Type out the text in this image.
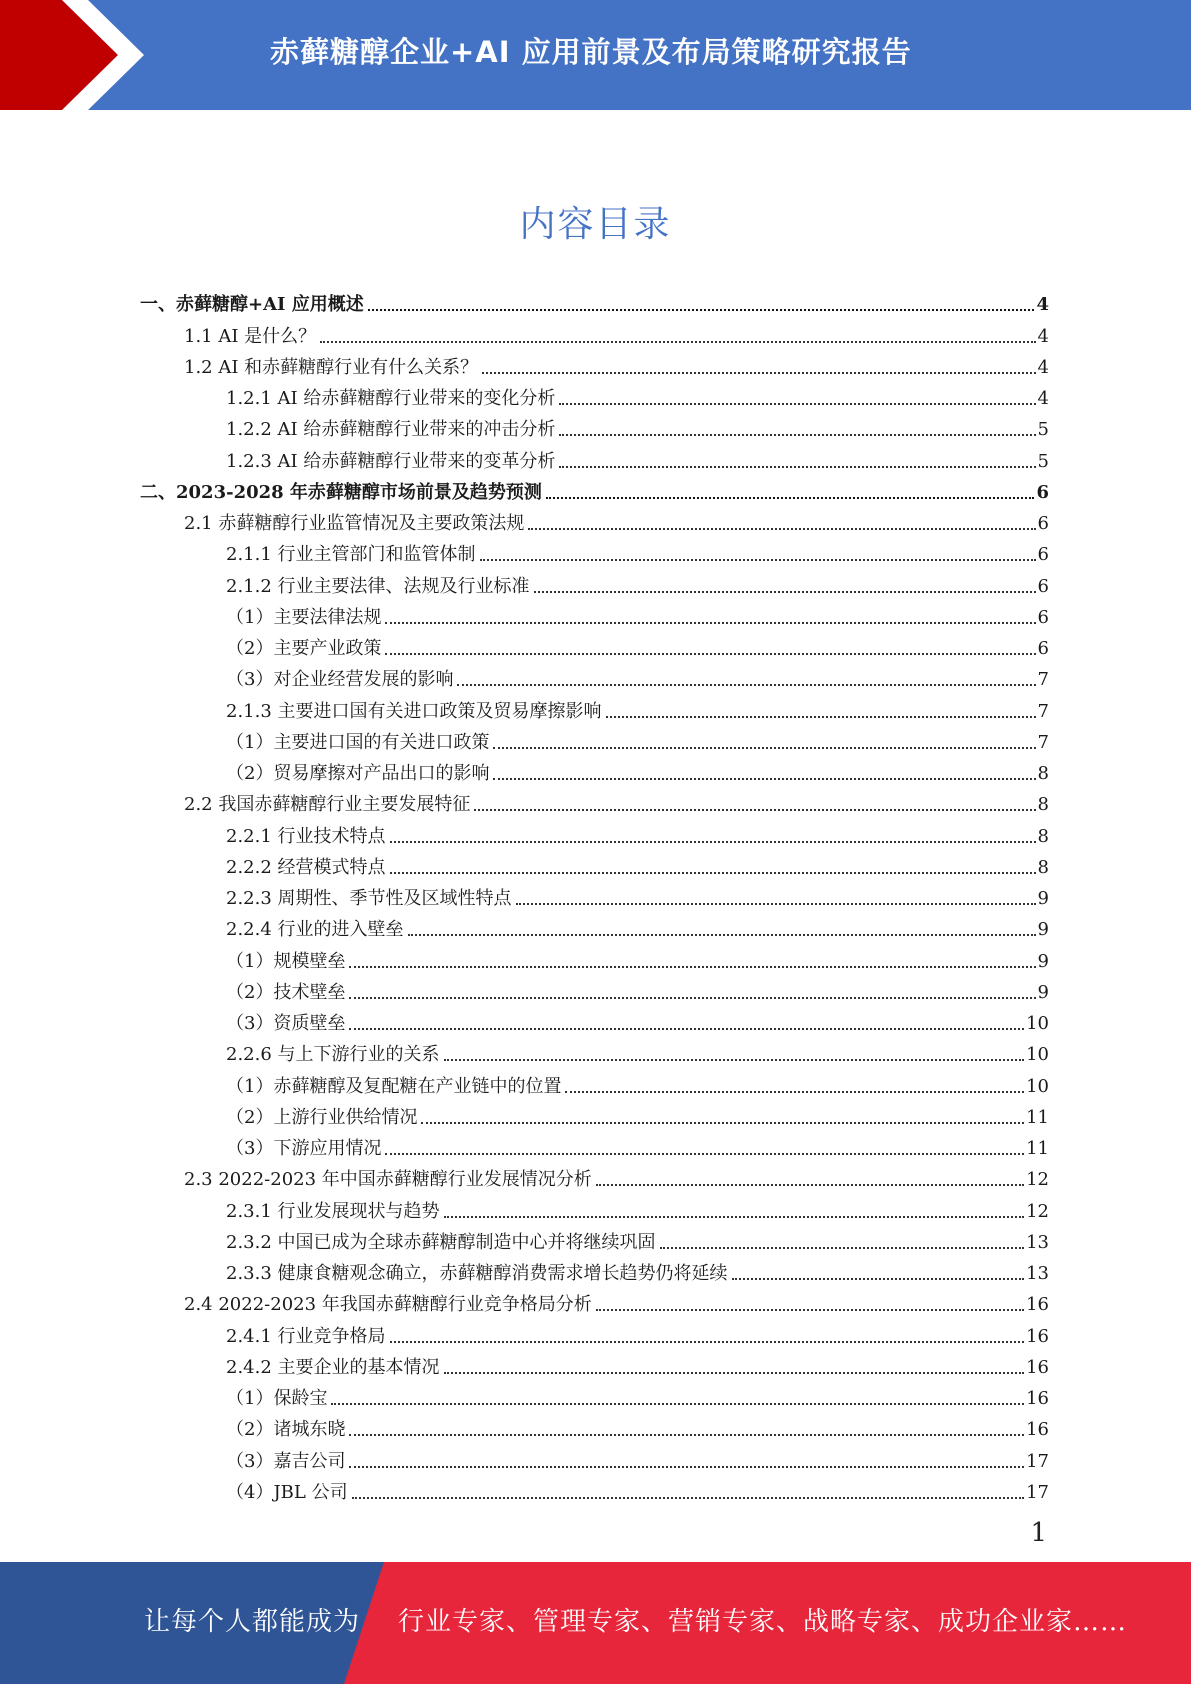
赤藓糖醇企业+AI 应用前景及布局策略研究报告
内容目录
一、赤藓糖醇+AI 应用概述	4
1.1 AI 是什么？	4
1.2 AI 和赤藓糖醇行业有什么关系？	4
1.2.1 AI 给赤藓糖醇行业带来的变化分析	4
1.2.2 AI 给赤藓糖醇行业带来的冲击分析	5
1.2.3 AI 给赤藓糖醇行业带来的变革分析	5
二、2023-2028 年赤藓糖醇市场前景及趋势预测	6
2.1 赤藓糖醇行业监管情况及主要政策法规	6
2.1.1 行业主管部门和监管体制	6
2.1.2 行业主要法律、法规及行业标准	6
（1）主要法律法规	6
（2）主要产业政策	6
（3）对企业经营发展的影响	7
2.1.3 主要进口国有关进口政策及贸易摩擦影响	7
（1）主要进口国的有关进口政策	7
（2）贸易摩擦对产品出口的影响	8
2.2 我国赤藓糖醇行业主要发展特征	8
2.2.1 行业技术特点	8
2.2.2 经营模式特点	8
2.2.3 周期性、季节性及区域性特点	9
2.2.4 行业的进入壁垒	9
（1）规模壁垒	9
（2）技术壁垒	9
（3）资质壁垒	10
2.2.6 与上下游行业的关系	10
（1）赤藓糖醇及复配糖在产业链中的位置	10
（2）上游行业供给情况	11
（3）下游应用情况	11
2.3 2022-2023 年中国赤藓糖醇行业发展情况分析	12
2.3.1 行业发展现状与趋势	12
2.3.2 中国已成为全球赤藓糖醇制造中心并将继续巩固	13
2.3.3 健康食糖观念确立，赤藓糖醇消费需求增长趋势仍将延续	13
2.4 2022-2023 年我国赤藓糖醇行业竞争格局分析	16
2.4.1 行业竞争格局	16
2.4.2 主要企业的基本情况	16
（1）保龄宝	16
（2）诸城东晓	16
（3）嘉吉公司	17
（4）JBL 公司	17
1
让每个人都能成为 行业专家、管理专家、营销专家、战略专家、成功企业家……
